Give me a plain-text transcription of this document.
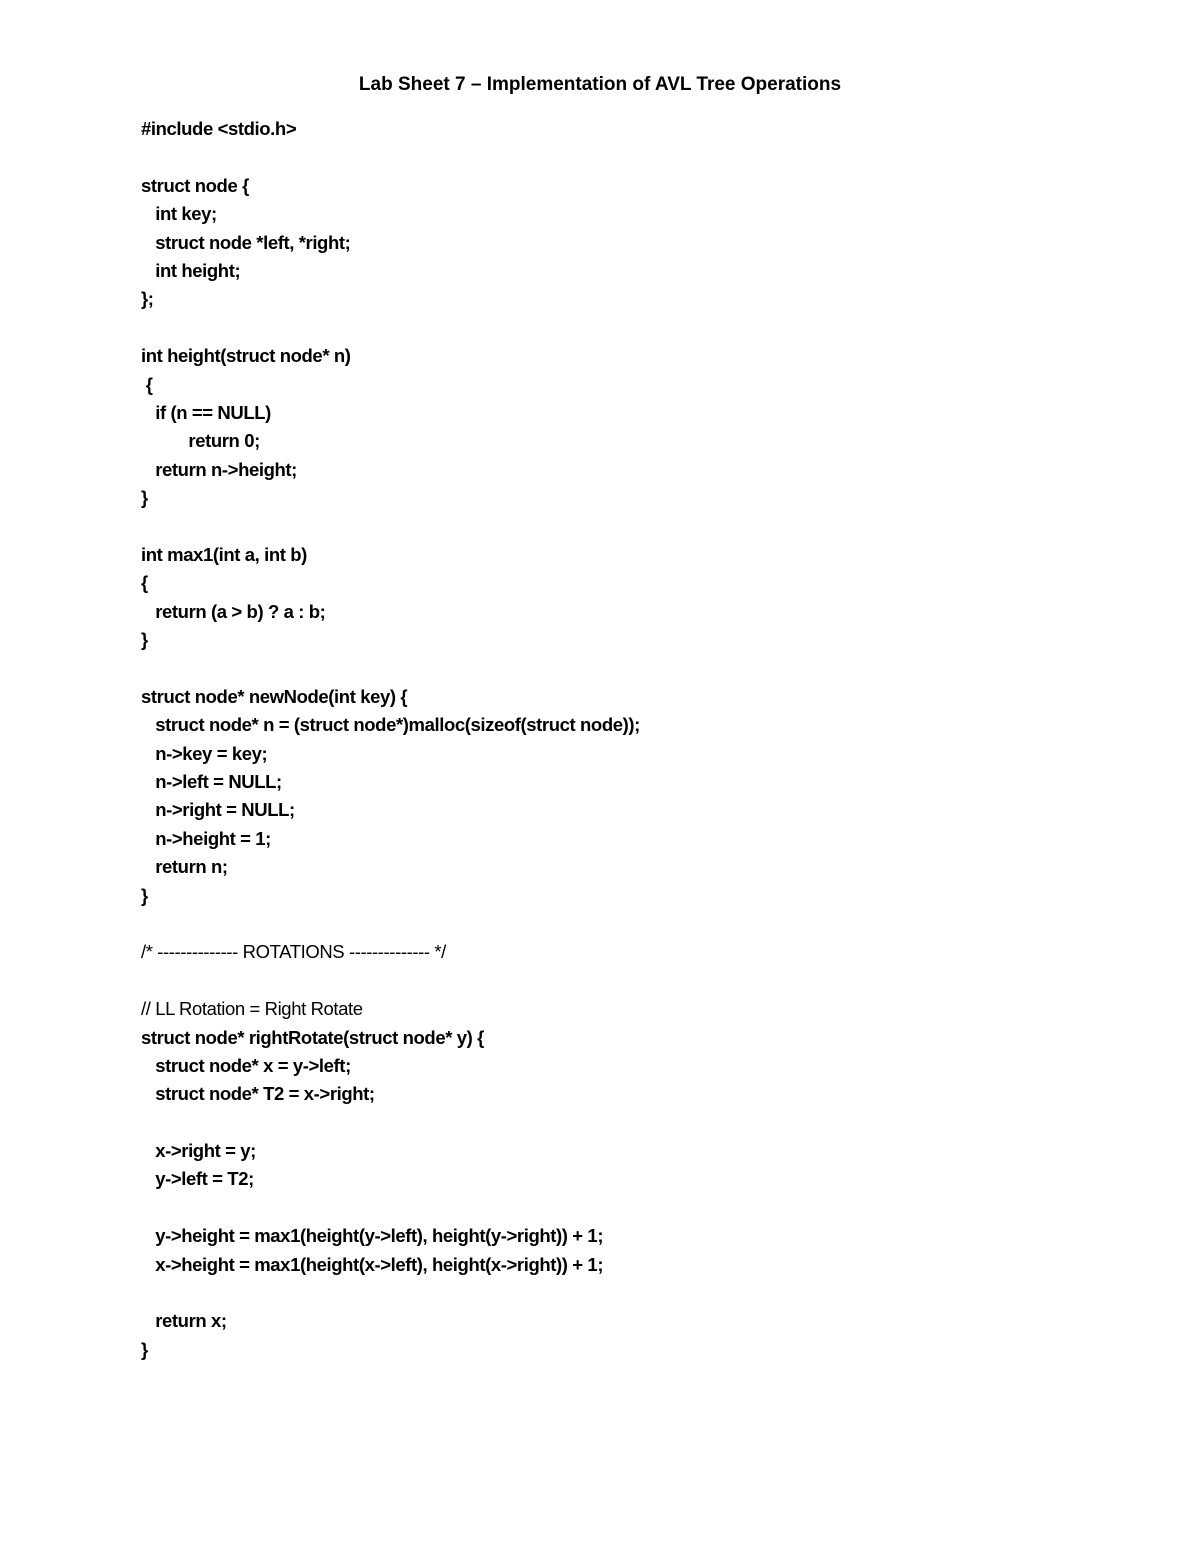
Lab Sheet 7 – Implementation of AVL Tree Operations
#include <stdio.h>
struct node {
int key;
struct node *left, *right;
int height;
};
int height(struct node* n)
{
if (n == NULL)
return 0;
return n->height;
}
int max1(int a, int b)
{
return (a > b) ? a : b;
}
struct node* newNode(int key) {
struct node* n = (struct node*)malloc(sizeof(struct node));
n->key = key;
n->left = NULL;
n->right = NULL;
n->height = 1;
return n;
}
/* -------------- ROTATIONS -------------- */
// LL Rotation = Right Rotate
struct node* rightRotate(struct node* y) {
struct node* x = y->left;
struct node* T2 = x->right;
x->right = y;
y->left = T2;
y->height = max1(height(y->left), height(y->right)) + 1;
x->height = max1(height(x->left), height(x->right)) + 1;
return x;
}
